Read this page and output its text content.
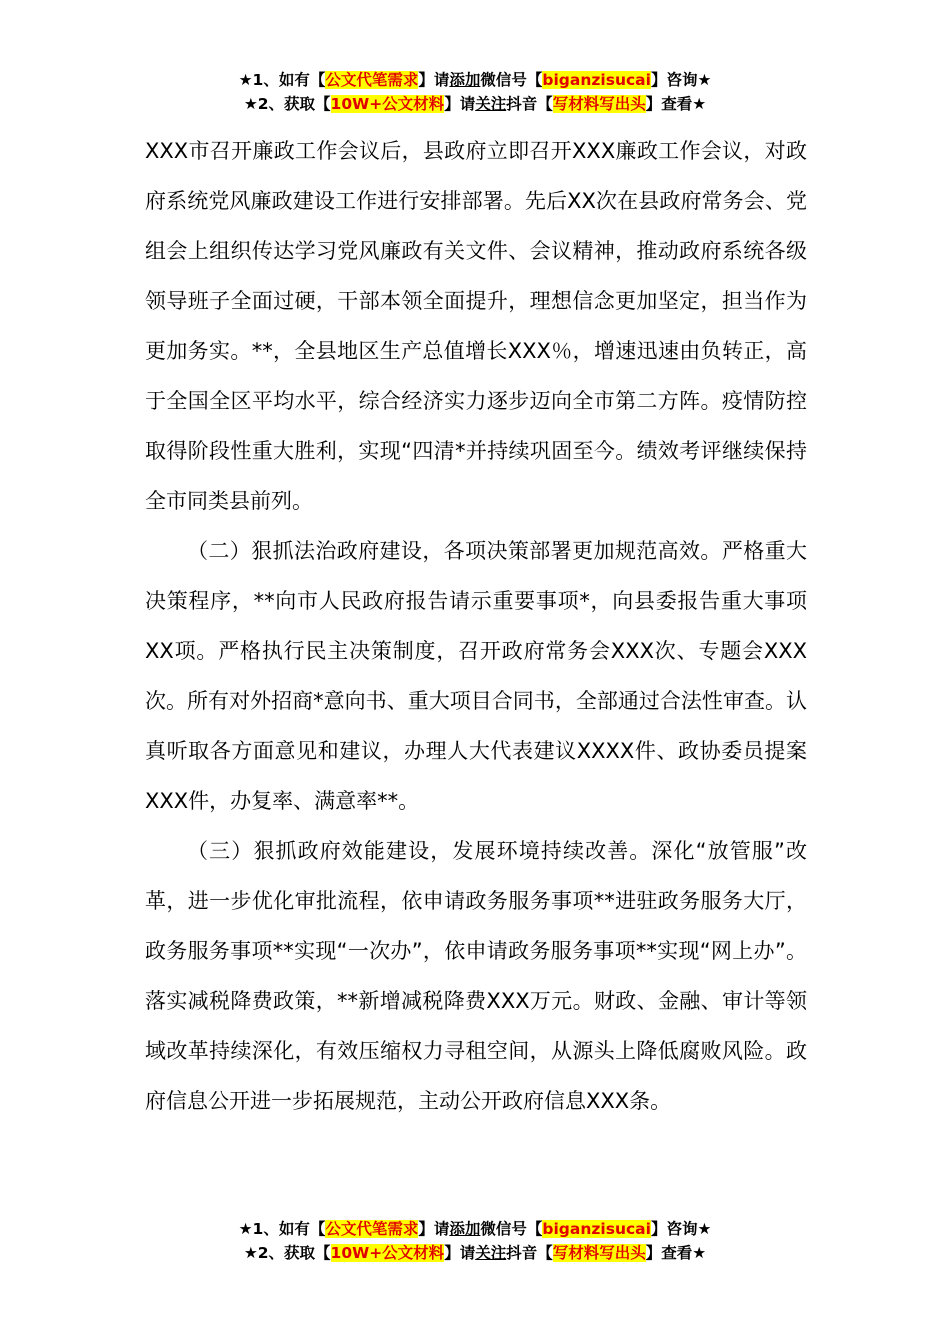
★1、如有【公文代笔需求】请添加微信号【biganzisucai】咨询★
★2、获取【10W+公文材料】请关注抖音【写材料写出头】查看★

XXX市召开廉政工作会议后，县政府立即召开XXX廉政工作会议，对政府系统党风廉政建设工作进行安排部署。先后XX次在县政府常务会、党组会上组织传达学习党风廉政有关文件、会议精神，推动政府系统各级领导班子全面过硬，干部本领全面提升，理想信念更加坚定，担当作为更加务实。**，全县地区生产总值增长XXX％，增速迅速由负转正，高于全国全区平均水平，综合经济实力逐步迈向全市第二方阵。疫情防控取得阶段性重大胜利，实现“四清*并持续巩固至今。绩效考评继续保持全市同类县前列。

（二）狠抓法治政府建设，各项决策部署更加规范高效。严格重大决策程序，**向市人民政府报告请示重要事项*，向县委报告重大事项XX项。严格执行民主决策制度，召开政府常务会XXX次、专题会XXX次。所有对外招商*意向书、重大项目合同书，全部通过合法性审查。认真听取各方面意见和建议，办理人大代表建议XXXX件、政协委员提案XXX件，办复率、满意率**。

（三）狠抓政府效能建设，发展环境持续改善。深化“放管服”改革，进一步优化审批流程，依申请政务服务事项**进驻政务服务大厅，政务服务事项**实现“一次办”，依申请政务服务事项**实现“网上办”。落实减税降费政策，**新增减税降费XXX万元。财政、金融、审计等领域改革持续深化，有效压缩权力寻租空间，从源头上降低腐败风险。政府信息公开进一步拓展规范，主动公开政府信息XXX条。

★1、如有【公文代笔需求】请添加微信号【biganzisucai】咨询★
★2、获取【10W+公文材料】请关注抖音【写材料写出头】查看★
